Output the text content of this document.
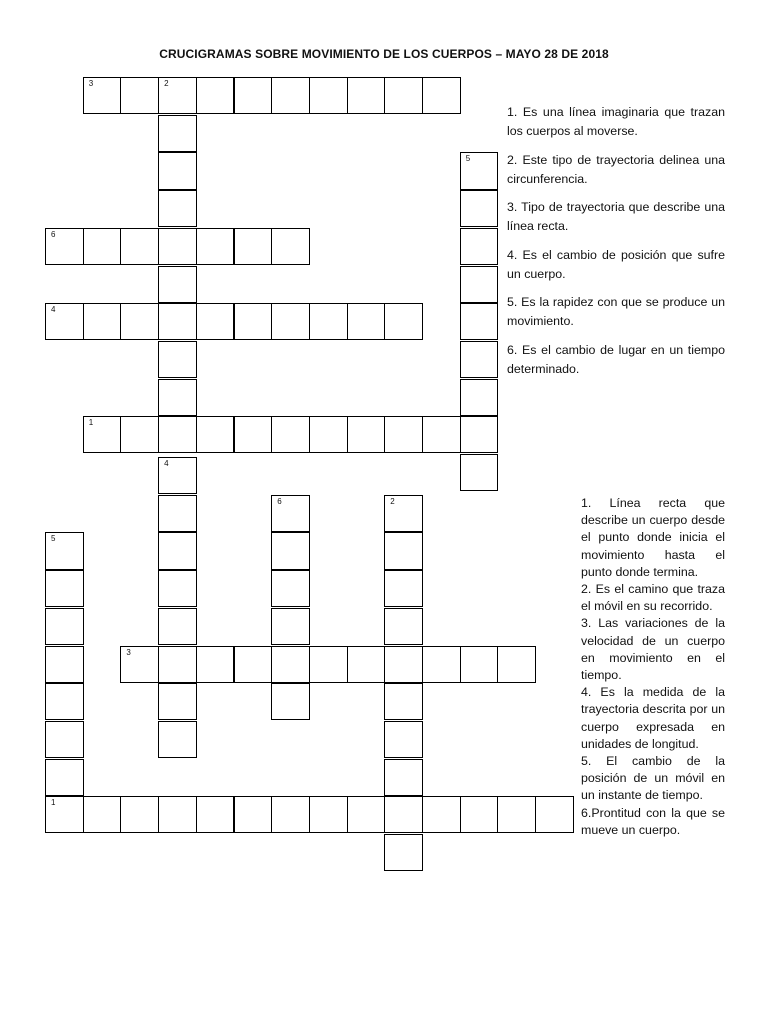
CRUCIGRAMAS SOBRE MOVIMIENTO DE LOS CUERPOS – MAYO 28 DE 2018
3	2
5
6
4
1

1. Es una línea imaginaria que trazan los cuerpos al moverse.

2. Este tipo de trayectoria delinea una circunferencia.

3. Tipo de trayectoria que describe una línea recta.

4. Es el cambio de posición que sufre un cuerpo.

5. Es la rapidez con que se produce un movimiento.

6. Es el cambio de lugar en un tiempo determinado.

4
6	2
5
3
1

1. Línea recta que describe un cuerpo desde el punto donde inicia el movimiento hasta el punto donde termina.

2. Es el camino que traza el móvil en su recorrido.

3. Las variaciones de la velocidad de un cuerpo en movimiento en el tiempo.

4. Es la medida de la trayectoria descrita por un cuerpo expresada en unidades de longitud.

5. El cambio de la posición de un móvil en un instante de tiempo.

6.Prontitud con la que se mueve un cuerpo.
